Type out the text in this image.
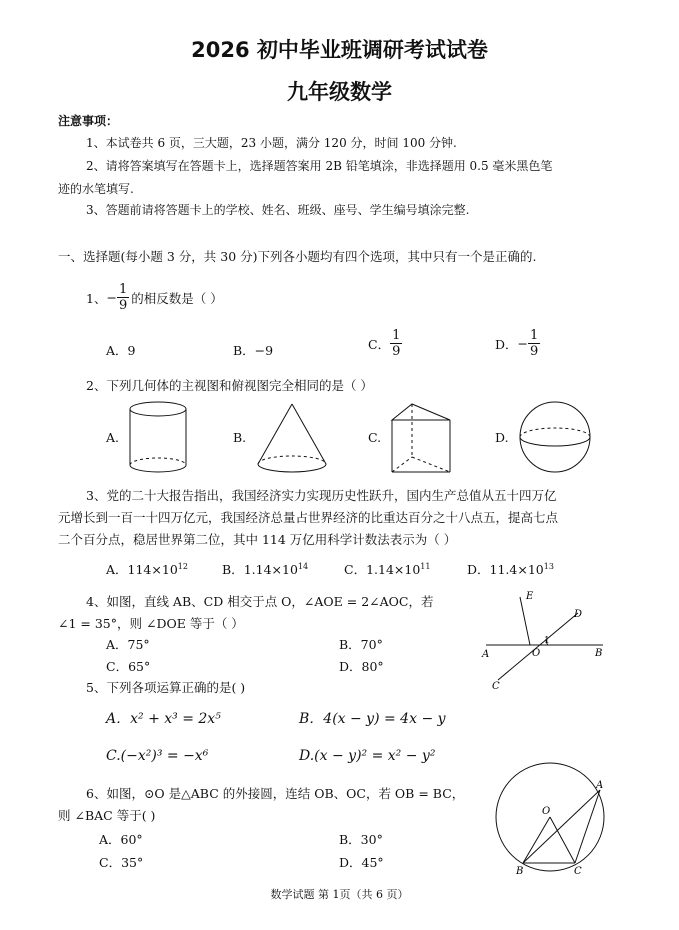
2026 初中毕业班调研考试试卷
九年级数学
注意事项：
1、本试卷共 6 页，三大题，23 小题，满分 120 分，时间 100 分钟.
2、请将答案填写在答题卡上，选择题答案用 2B 铅笔填涂，非选择题用 0.5 毫米黑色笔
迹的水笔填写.
3、答题前请将答题卡上的学校、姓名、班级、座号、学生编号填涂完整.
一、选择题(每小题 3 分，共 30 分)下列各小题均有四个选项，其中只有一个是正确的.
1、 − $\frac{1}{9}$ 的相反数是（ ）
A．9	B．−9	C． $\frac{1}{9}$	D． − $\frac{1}{9}$
2、下列几何体的主视图和俯视图完全相同的是（ ）
A.	B.	C.	D.
3、党的二十大报告指出，我国经济实力实现历史性跃升，国内生产总值从五十四万亿
元增长到一百一十四万亿元，我国经济总量占世界经济的比重达百分之十八点五，提高七点
二个百分点，稳居世界第二位，其中 114 万亿用科学计数法表示为（ ）
A．$114\times 10^{12}$	B．$1.14\times 10^{14}$	C．$1.14\times 10^{11}$	D．$11.4\times 10^{13}$
4、如图，直线 AB、CD 相交于点 O，∠AOE = 2∠AOC，若
∠1 = 35°，则 ∠DOE 等于（ ）
A．75°	B．70°
C．65°	D．80°
1
E
D
A	O	B
C
5、下列各项运算正确的是( )
A．x² + x³ = 2x⁵	B．4(x − y) = 4x − y
C.(−x²)³ = −x⁶	D.(x − y)² = x² − y²
6、如图，⊙O 是△ABC 的外接圆，连结 OB、OC，若 OB = BC，
则 ∠BAC 等于( )
A．60°	B．30°
C．35°	D．45°
O
A
B	C
数学试题 第 1页（共 6 页）
